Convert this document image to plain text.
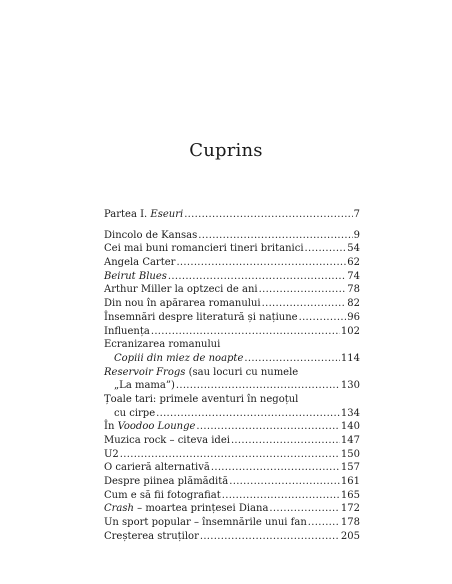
Cuprins
Partea I. Eseuri .....	7
Dincolo de Kansas .....	9
Cei mai buni romancieri tineri britanici .....	54
Angela Carter .....	62
Beirut Blues .....	74
Arthur Miller la optzeci de ani .....	78
Din nou în apărarea romanului .....	82
Însemnări despre literatură și națiune .....	96
Influența .....	102
Ecranizarea romanului
Copiii din miez de noapte .....	114
Reservoir Frogs (sau locuri cu numele
„La mama”) .....	130
Țoale tari: primele aventuri în negoțul
cu cirpe .....	134
În Voodoo Lounge .....	140
Muzica rock – citeva idei .....	147
U2 .....	150
O carieră alternativă .....	157
Despre piinea plămădită .....	161
Cum e să fii fotografiat .....	165
Crash – moartea prințesei Diana .....	172
Un sport popular – însemnările unui fan .....	178
Creșterea struților .....	205
